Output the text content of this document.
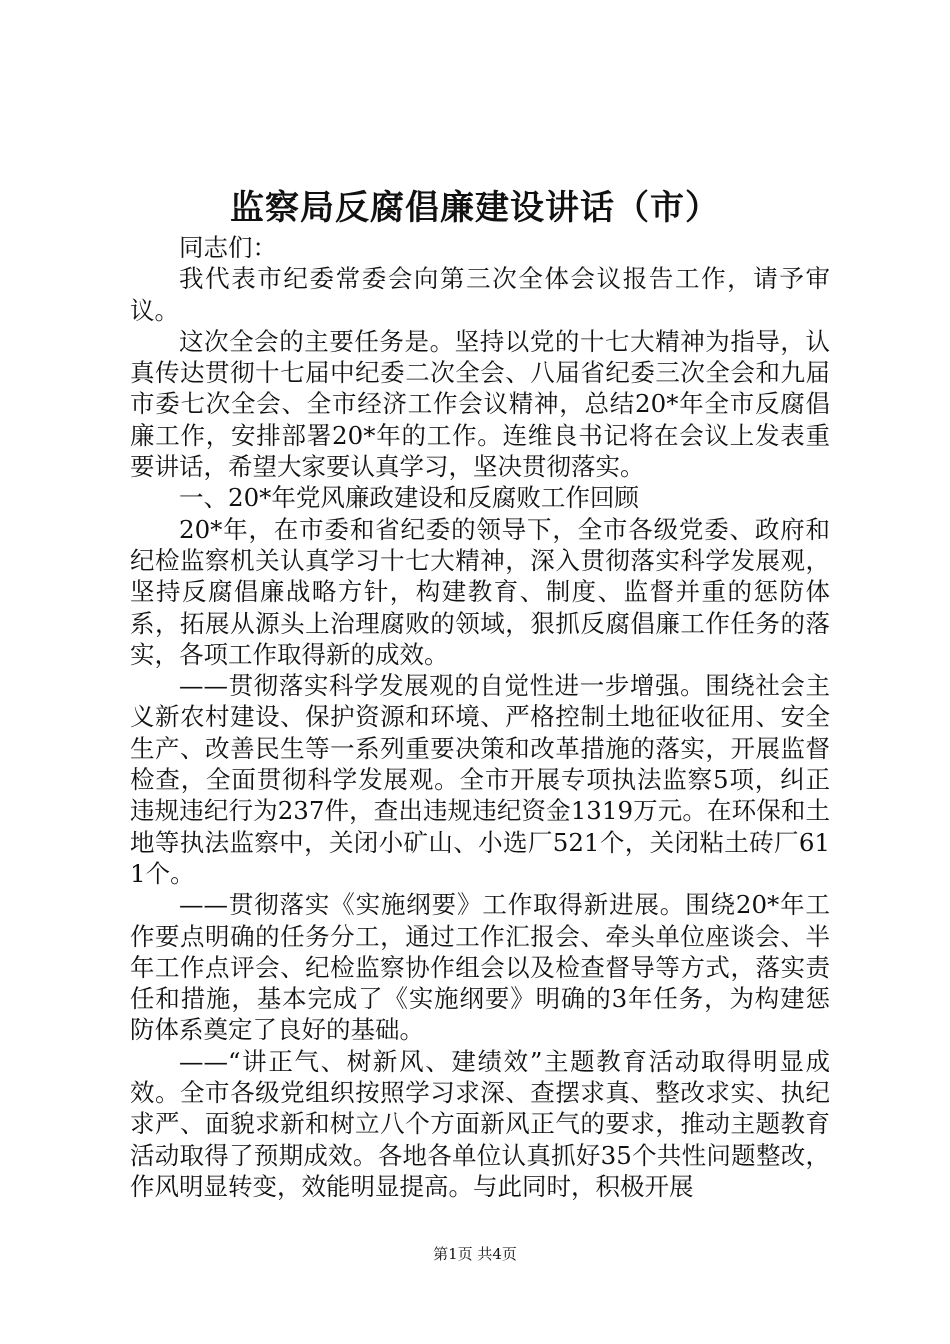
监察局反腐倡廉建设讲话（市）

同志们：

我代表市纪委常委会向第三次全体会议报告工作，请予审议。

这次全会的主要任务是。坚持以党的十七大精神为指导，认真传达贯彻十七届中纪委二次全会、八届省纪委三次全会和九届市委七次全会、全市经济工作会议精神，总结20*年全市反腐倡廉工作，安排部署20*年的工作。连维良书记将在会议上发表重要讲话，希望大家要认真学习，坚决贯彻落实。

一、20*年党风廉政建设和反腐败工作回顾

20*年，在市委和省纪委的领导下，全市各级党委、政府和纪检监察机关认真学习十七大精神，深入贯彻落实科学发展观，坚持反腐倡廉战略方针，构建教育、制度、监督并重的惩防体系，拓展从源头上治理腐败的领域，狠抓反腐倡廉工作任务的落实，各项工作取得新的成效。

——贯彻落实科学发展观的自觉性进一步增强。围绕社会主义新农村建设、保护资源和环境、严格控制土地征收征用、安全生产、改善民生等一系列重要决策和改革措施的落实，开展监督检查，全面贯彻科学发展观。全市开展专项执法监察5项，纠正违规违纪行为237件，查出违规违纪资金1319万元。在环保和土地等执法监察中，关闭小矿山、小选厂521个，关闭粘土砖厂611个。

——贯彻落实《实施纲要》工作取得新进展。围绕20*年工作要点明确的任务分工，通过工作汇报会、牵头单位座谈会、半年工作点评会、纪检监察协作组会以及检查督导等方式，落实责任和措施，基本完成了《实施纲要》明确的3年任务，为构建惩防体系奠定了良好的基础。

——“讲正气、树新风、建绩效”主题教育活动取得明显成效。全市各级党组织按照学习求深、查摆求真、整改求实、执纪求严、面貌求新和树立八个方面新风正气的要求，推动主题教育活动取得了预期成效。各地各单位认真抓好35个共性问题整改，作风明显转变，效能明显提高。与此同时，积极开展

第1页 共4页
